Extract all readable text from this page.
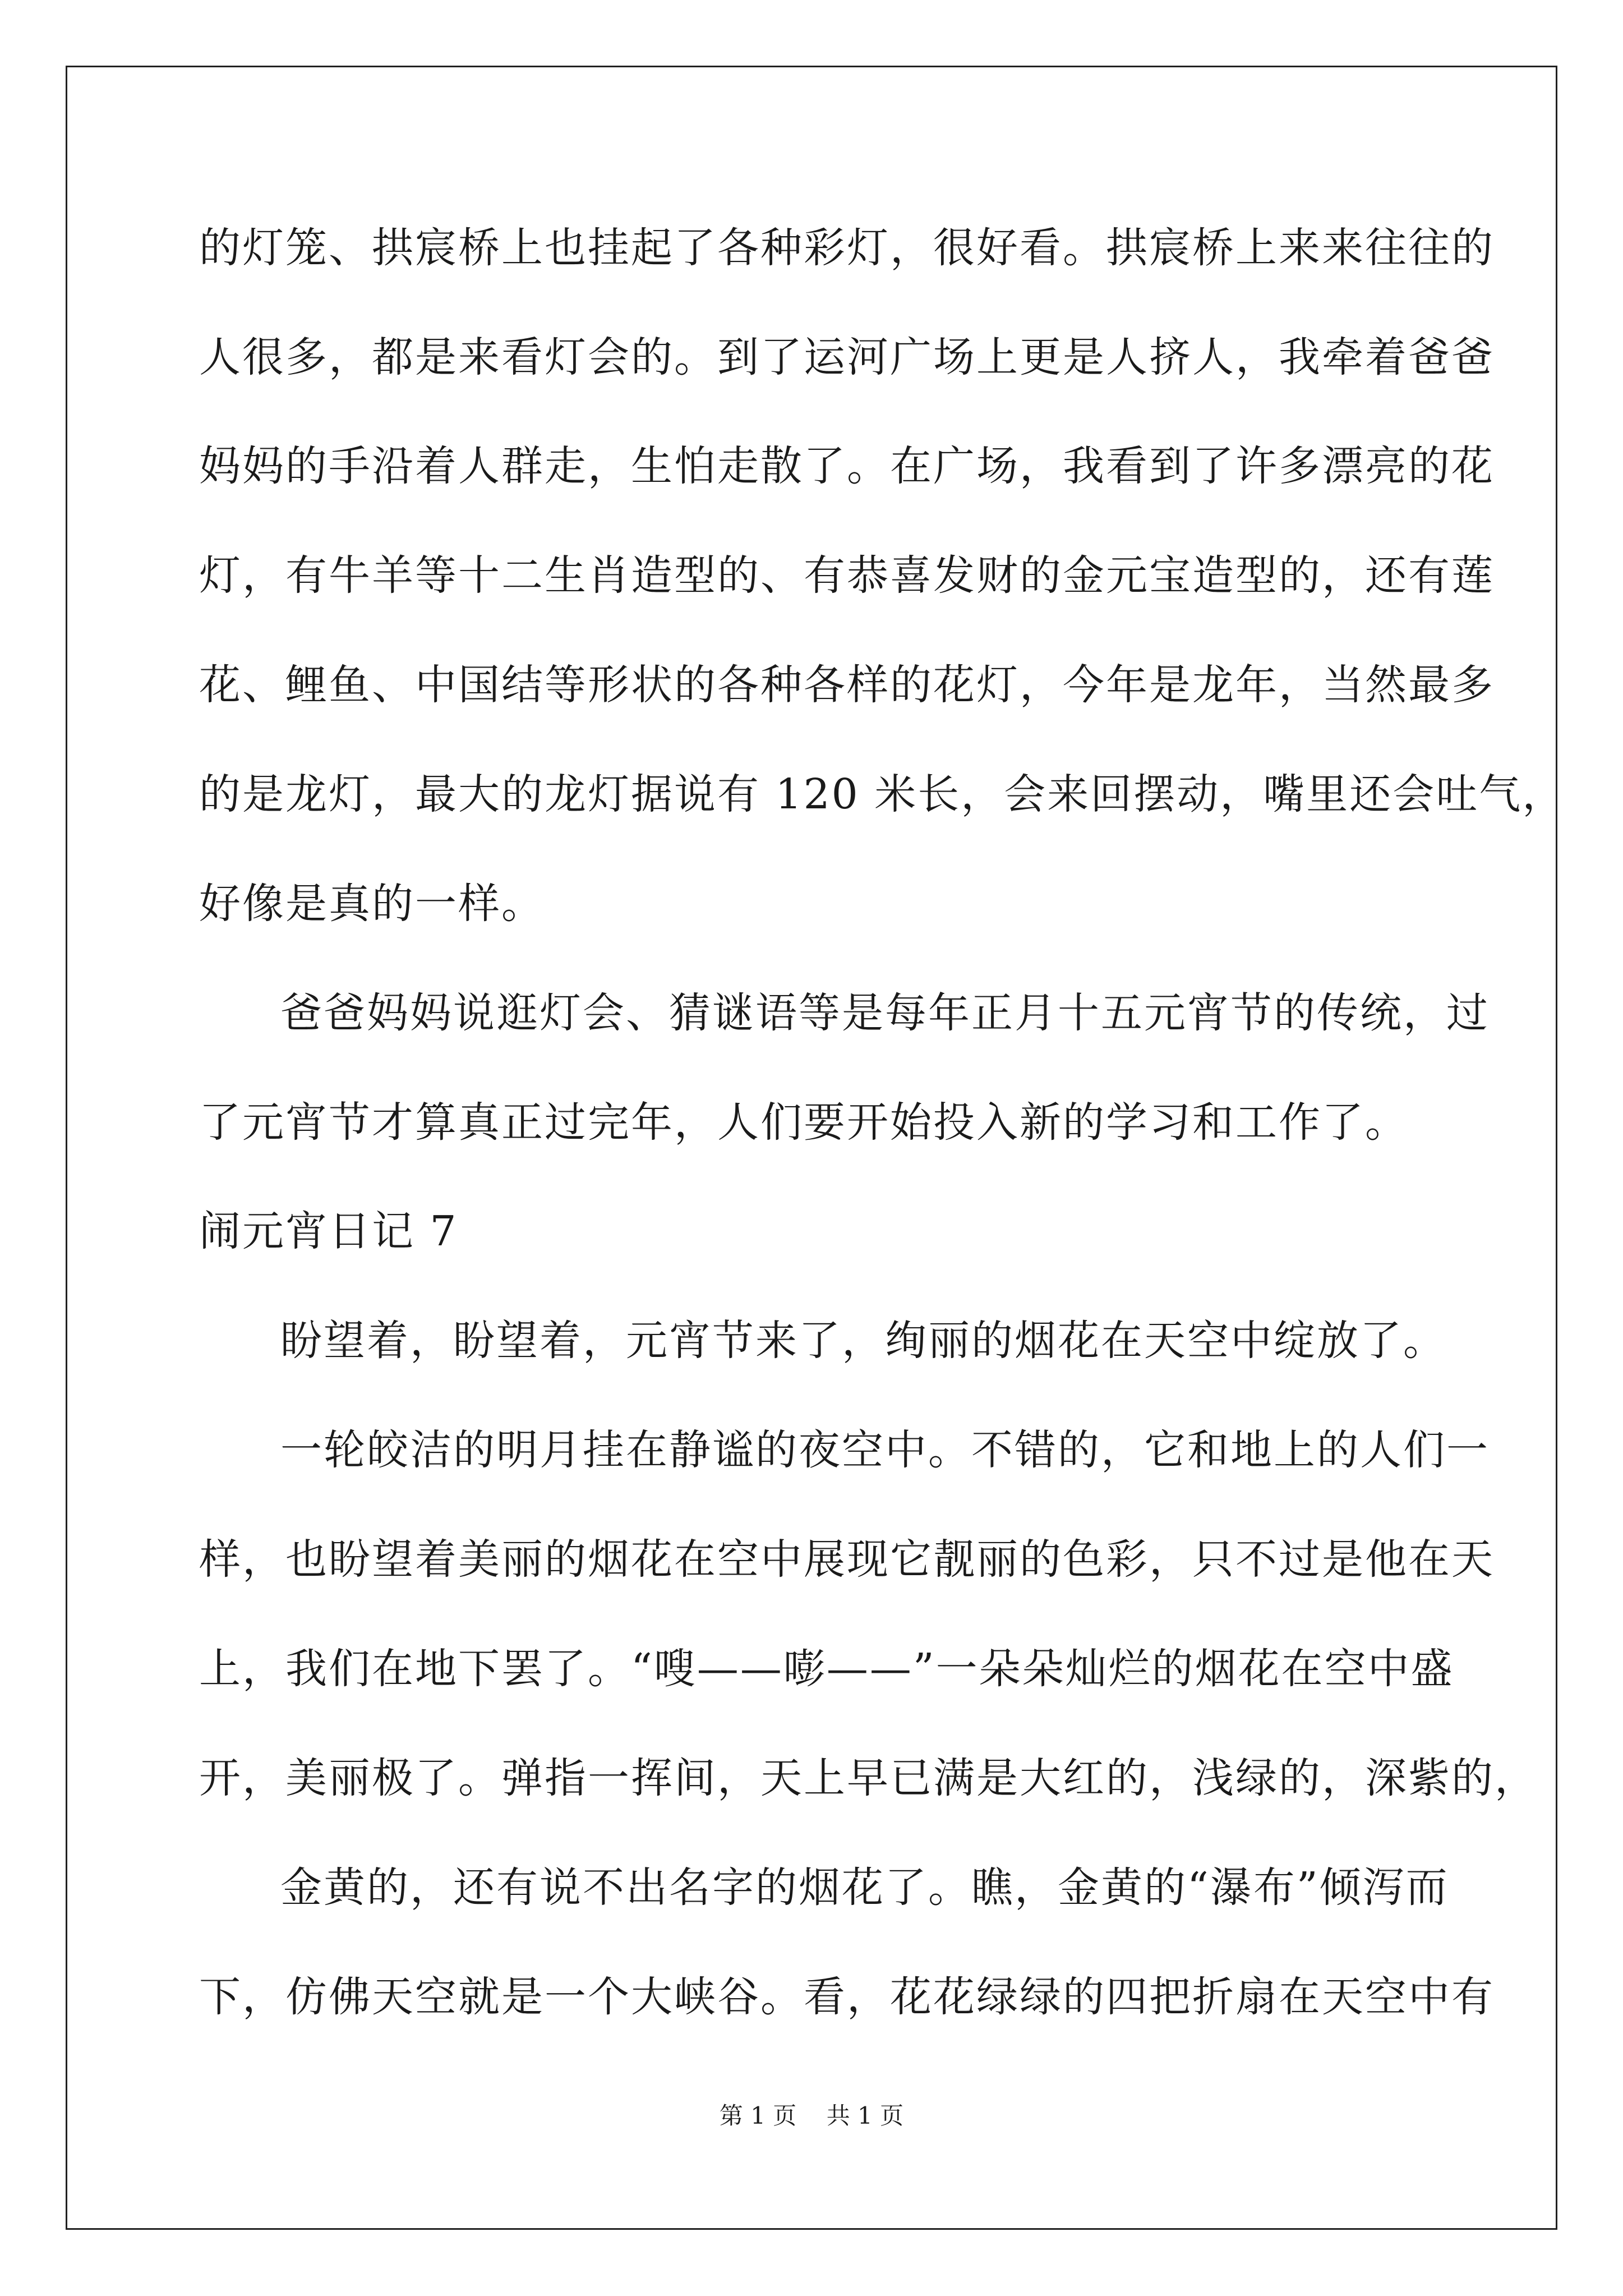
的灯笼、拱宸桥上也挂起了各种彩灯，很好看。拱宸桥上来来往往的
人很多，都是来看灯会的。到了运河广场上更是人挤人，我牵着爸爸
妈妈的手沿着人群走，生怕走散了。在广场，我看到了许多漂亮的花
灯，有牛羊等十二生肖造型的、有恭喜发财的金元宝造型的，还有莲
花、鲤鱼、中国结等形状的各种各样的花灯，今年是龙年，当然最多
的是龙灯，最大的龙灯据说有 120 米长，会来回摆动，嘴里还会吐气，
好像是真的一样。
爸爸妈妈说逛灯会、猜谜语等是每年正月十五元宵节的传统，过
了元宵节才算真正过完年，人们要开始投入新的学习和工作了。
闹元宵日记 7
盼望着，盼望着，元宵节来了，绚丽的烟花在天空中绽放了。
一轮皎洁的明月挂在静谧的夜空中。不错的，它和地上的人们一
样，也盼望着美丽的烟花在空中展现它靓丽的色彩，只不过是他在天
上，我们在地下罢了。“嗖——嘭——”一朵朵灿烂的烟花在空中盛
开，美丽极了。弹指一挥间，天上早已满是大红的，浅绿的，深紫的，
金黄的，还有说不出名字的烟花了。瞧，金黄的“瀑布”倾泻而
下，仿佛天空就是一个大峡谷。看，花花绿绿的四把折扇在天空中有
第 1 页    共 1 页
